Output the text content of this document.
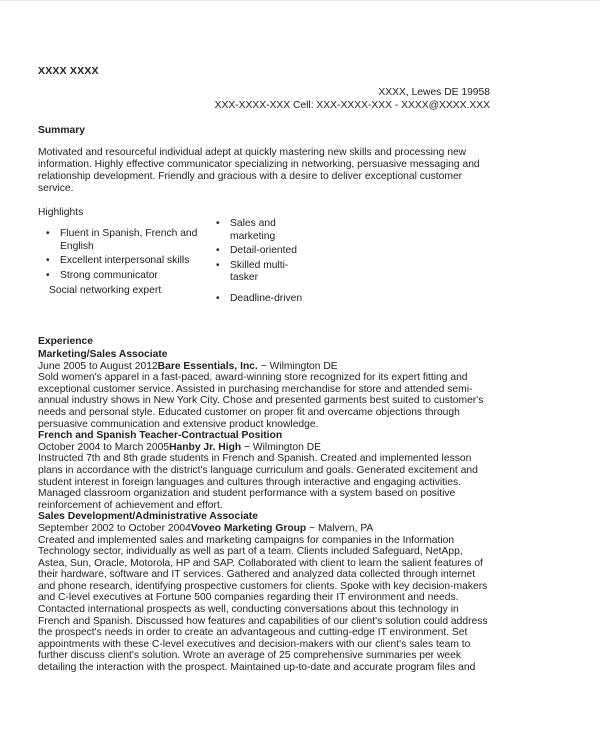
XXXX XXXX
XXXX, Lewes DE 19958
XXX-XXXX-XXX Cell: XXX-XXXX-XXX - XXXX@XXXX.XXX
Summary
Motivated and resourceful individual adept at quickly mastering new skills and processing new information. Highly effective communicator specializing in networking, persuasive messaging and relationship development. Friendly and gracious with a desire to deliver exceptional customer service.
Highlights
• Fluent in Spanish, French and English
• Excellent interpersonal skills
• Strong communicator
Social networking expert
• Sales and marketing
• Detail-oriented
• Skilled multi-tasker
• Deadline-driven
Experience
Marketing/Sales Associate
June 2005 to August 2012Bare Essentials, Inc. − Wilmington DE
Sold women's apparel in a fast-paced, award-winning store recognized for its expert fitting and exceptional customer service. Assisted in purchasing merchandise for store and attended semi-annual industry shows in New York City. Chose and presented garments best suited to customer's needs and personal style. Educated customer on proper fit and overcame objections through persuasive communication and extensive product knowledge.
French and Spanish Teacher-Contractual Position
October 2004 to March 2005Hanby Jr. High − Wilmington DE
Instructed 7th and 8th grade students in French and Spanish. Created and implemented lesson plans in accordance with the district's language curriculum and goals. Generated excitement and student interest in foreign languages and cultures through interactive and engaging activities. Managed classroom organization and student performance with a system based on positive reinforcement of achievement and effort.
Sales Development/Administrative Associate
September 2002 to October 2004Voveo Marketing Group − Malvern, PA
Created and implemented sales and marketing campaigns for companies in the Information Technology sector, individually as well as part of a team. Clients included Safeguard, NetApp, Astea, Sun, Oracle, Motorola, HP and SAP. Collaborated with client to learn the salient features of their hardware, software and IT services. Gathered and analyzed data collected through internet and phone research, identifying prospective customers for clients. Spoke with key decision-makers and C-level executives at Fortune 500 companies regarding their IT environment and needs. Contacted international prospects as well, conducting conversations about this technology in French and Spanish. Discussed how features and capabilities of our client's solution could address the prospect's needs in order to create an advantageous and cutting-edge IT environment. Set appointments with these C-level executives and decision-makers with our client's sales team to further discuss client's solution. Wrote an average of 25 comprehensive summaries per week detailing the interaction with the prospect. Maintained up-to-date and accurate program files and
